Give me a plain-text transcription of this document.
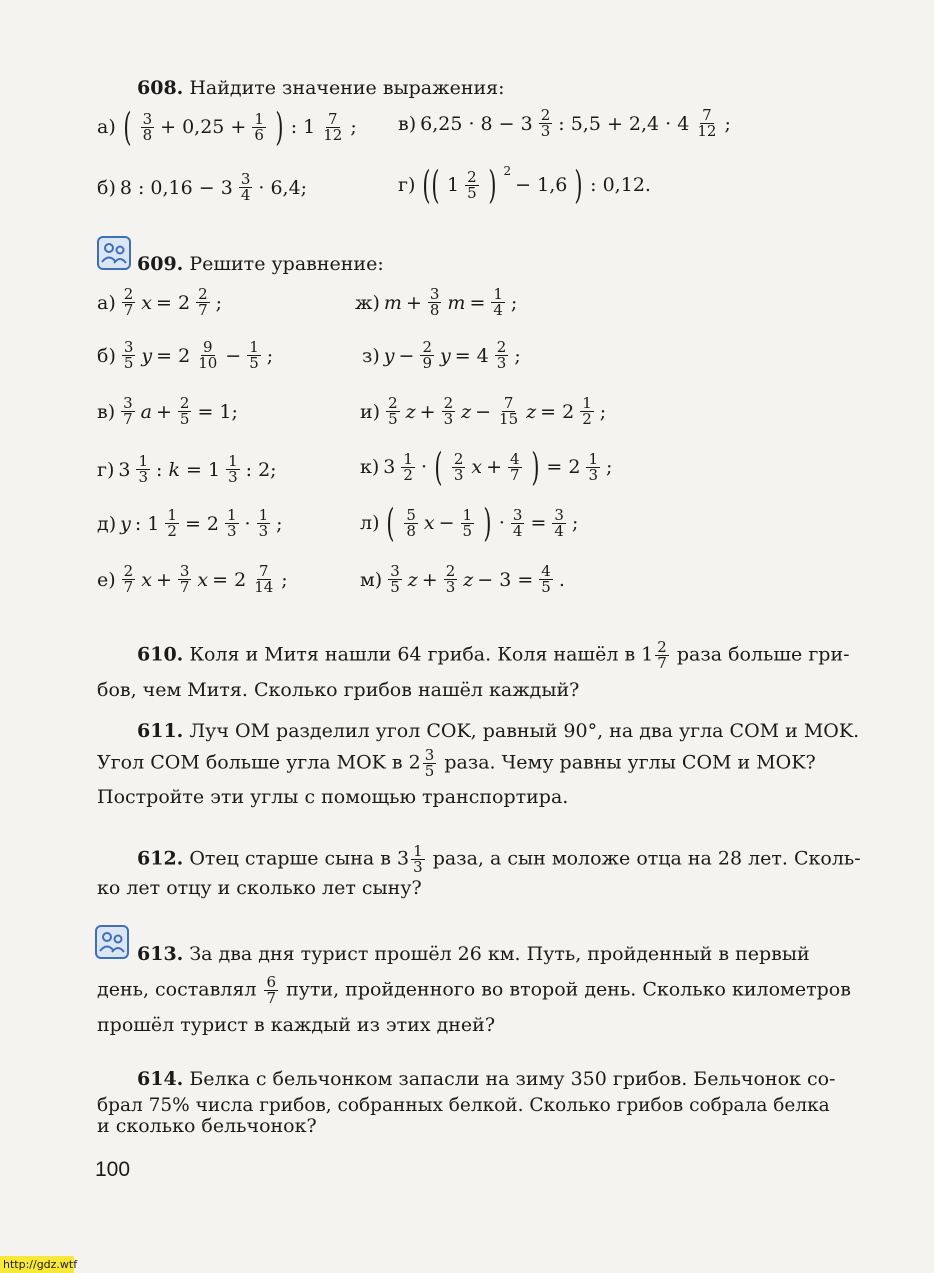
608. Найдите значение выражения:
а) ( $\frac{3}{8} + 0,25 + \frac{1}{6}$ ) : $1 \frac{7}{12}$ ; в) $6,25 \cdot 8 - 3 \frac{2}{3}$ : $5,5 + 2,4 \cdot 4 \frac{7}{12}$ ;
б) 8 : $0,16 - 3 \frac{3}{4} \cdot 6,4$;	г) ( ( $1 \frac{2}{5}$ ) 2
− 1,6 ) : 0,12.
609. Решите уравнение:
$а) \frac{2}{7}$ $x = 2 \frac{2}{7}$ ;
$б) \frac{3}{5}$ $y = 2 \frac{9}{10} - \frac{1}{5}$ ;
$в) \frac{3}{7}$ $a + \frac{2}{5} = 1$;
г) $3 \frac{1}{3}$ : $k = 1 \frac{1}{3}$ : 2;
д) y : $1 \frac{1}{2} = 2 \frac{1}{3} \cdot \frac{1}{3}$ ;
$е) \frac{2}{7}$ $x + \frac{3}{7}$ $x = 2 \frac{7}{14}$ ;
ж) $m + \frac{3}{8}$ $m = \frac{1}{4}$ ;
з) $y - \frac{2}{9}$ $y = 4 \frac{2}{3}$ ;
$и) \frac{2}{5}$ $z + \frac{2}{3}$ $z - \frac{7}{15}$ $z = 2 \frac{1}{2}$ ;
к) $3 \frac{1}{2}$ · ( $\frac{2}{3}$ $x + \frac{4}{7}$ ) = $2 \frac{1}{3}$ ;
л) ( $\frac{5}{8}$ $x - \frac{1}{5}$ ) · $\frac{3}{4} = \frac{3}{4}$ ;
$м) \frac{3}{5}$ $z + \frac{2}{3}$ $z - 3 = \frac{4}{5}$ .
610. Коля и Митя нашли 64 гриба. Коля нашёл в $1 \frac{2}{7}$ раза больше гри-
бов, чем Митя. Сколько грибов нашёл каждый?
611. Луч OM разделил угол COK, равный 90°, на два угла COM и MOK.
Угол COM больше угла MOK в $2 \frac{3}{5}$ раза. Чему равны углы COM и MOK?
Постройте эти углы с помощью транспортира.
612. Отец старше сына в $3 \frac{1}{3}$ раза, а сын моложе отца на 28 лет. Сколь-
ко лет отцу и сколько лет сыну?
613. За два дня турист прошёл 26 км. Путь, пройденный в первый
день, составлял $\frac{6}{7}$ пути, пройденного во второй день. Сколько километров
прошёл турист в каждый из этих дней?
614. Белка с бельчонком запасли на зиму 350 грибов. Бельчонок со-
брал 75% числа грибов, собранных белкой. Сколько грибов собрала белка
и сколько бельчонок?
100
http://gdz.wtf
